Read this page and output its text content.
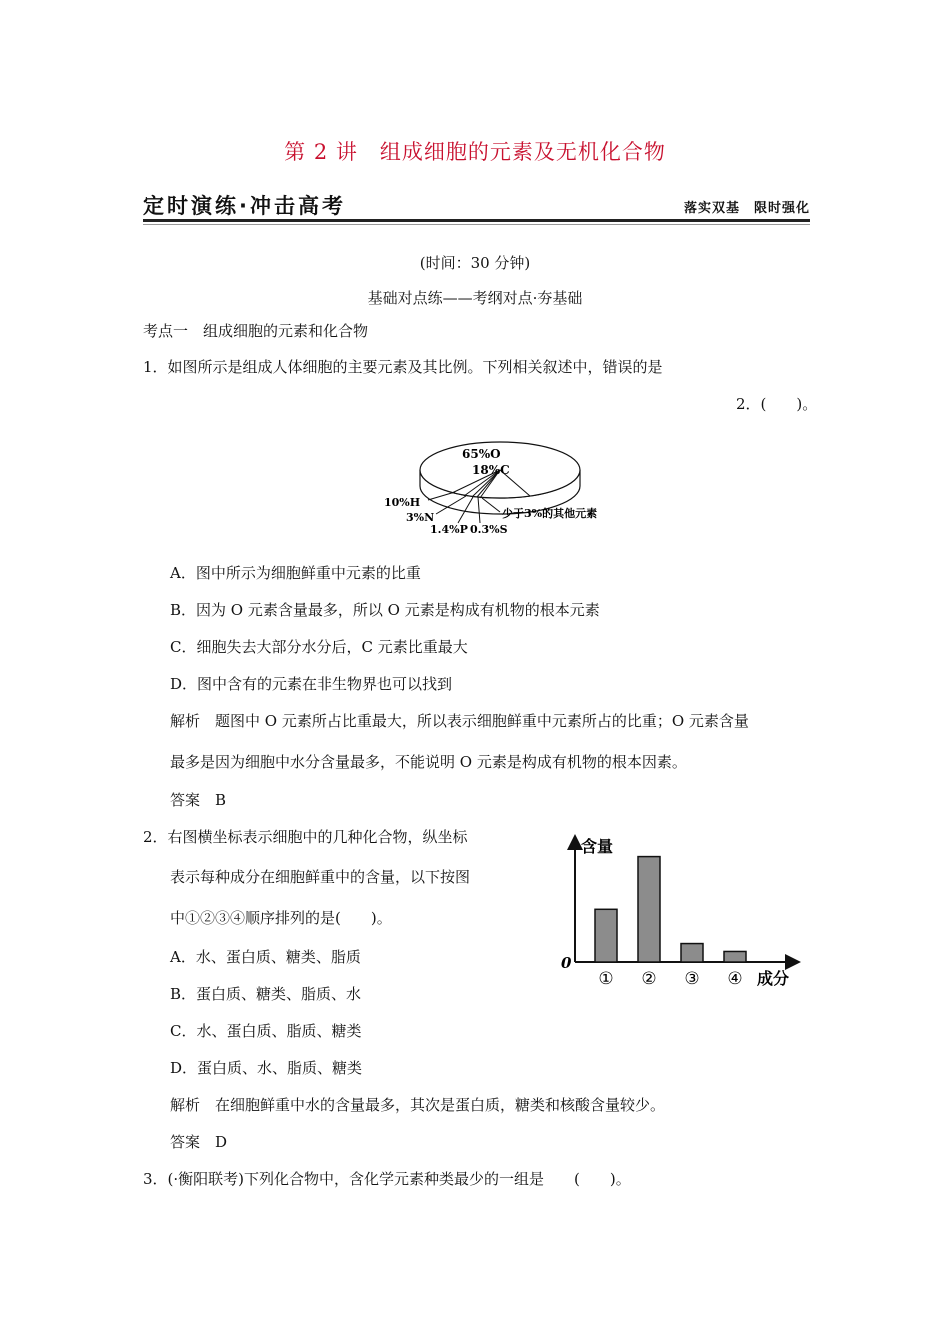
第 2 讲　组成细胞的元素及无机化合物
定时演练·冲击高考	落实双基　限时强化
(时间：30 分钟)
基础对点练——考纲对点·夯基础
考点一　组成细胞的元素和化合物
1．如图所示是组成人体细胞的主要元素及其比例。下列相关叙述中，错误的是
2．(　　)。
65%O
18%C
10%H
3%N
1.4%P 0.3%S
少于3%的其他元素
A．图中所示为细胞鲜重中元素的比重
B．因为 O 元素含量最多，所以 O 元素是构成有机物的根本元素
C．细胞失去大部分水分后，C 元素比重最大
D．图中含有的元素在非生物界也可以找到
解析　题图中 O 元素所占比重最大，所以表示细胞鲜重中元素所占的比重；O 元素含量
最多是因为细胞中水分含量最多，不能说明 O 元素是构成有机物的根本因素。
答案　B
2．右图横坐标表示细胞中的几种化合物，纵坐标
表示每种成分在细胞鲜重中的含量，以下按图
中①②③④顺序排列的是(　　)。
A．水、蛋白质、糖类、脂质
B．蛋白质、糖类、脂质、水
C．水、蛋白质、脂质、糖类
D．蛋白质、水、脂质、糖类
解析　在细胞鲜重中水的含量最多，其次是蛋白质，糖类和核酸含量较少。
答案　D
含量
0
成分
① ② ③ ④
3．(·衡阳联考)下列化合物中，含化学元素种类最少的一组是　　(　　)。
